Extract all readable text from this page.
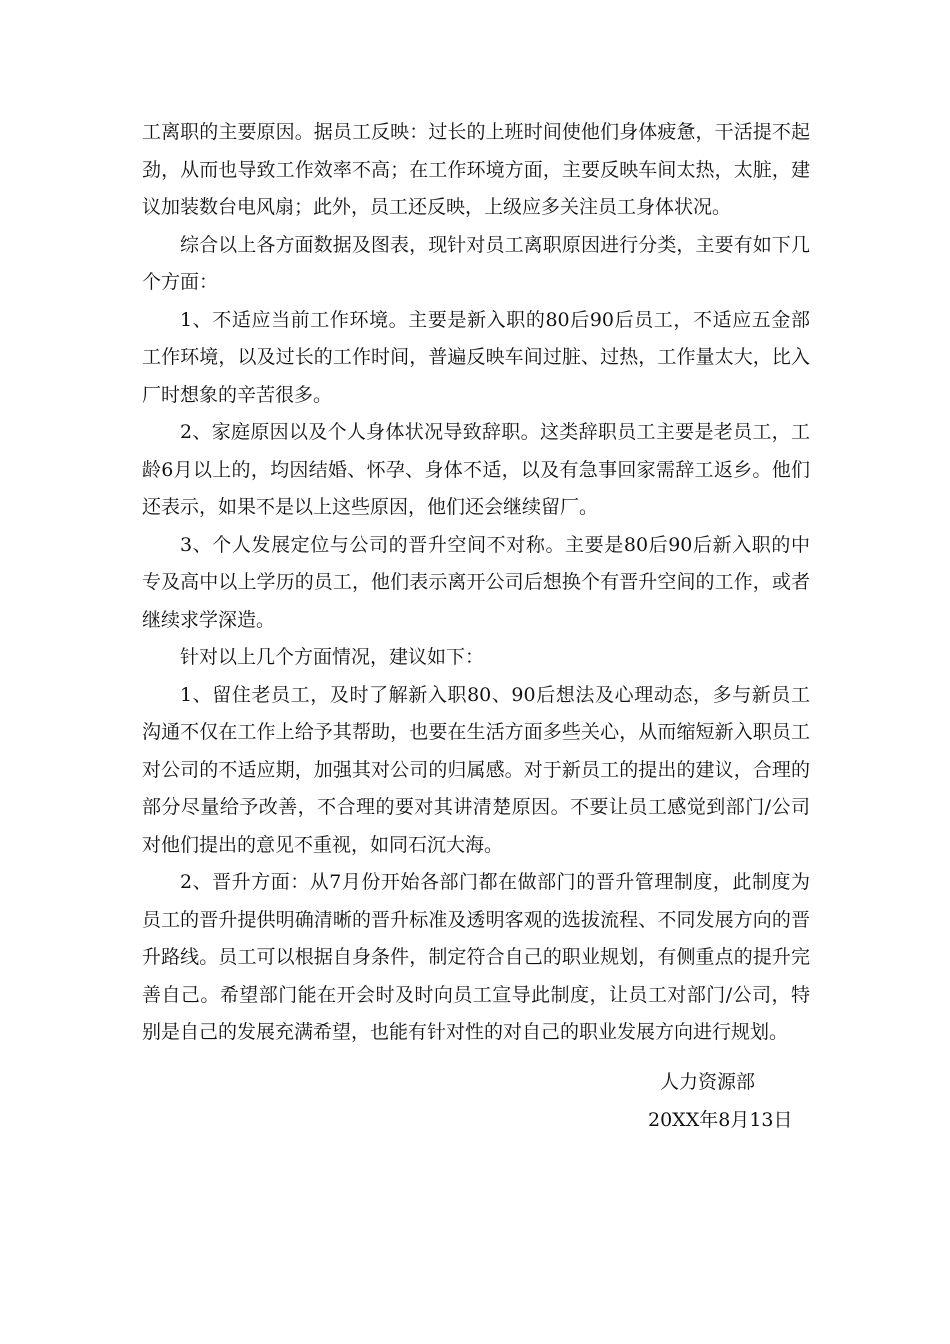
工离职的主要原因。据员工反映：过长的上班时间使他们身体疲惫，干活提不起劲，从而也导致工作效率不高；在工作环境方面，主要反映车间太热，太脏，建议加装数台电风扇；此外，员工还反映，上级应多关注员工身体状况。

综合以上各方面数据及图表，现针对员工离职原因进行分类，主要有如下几个方面：

1、不适应当前工作环境。主要是新入职的80后90后员工，不适应五金部工作环境，以及过长的工作时间，普遍反映车间过脏、过热，工作量太大，比入厂时想象的辛苦很多。

2、家庭原因以及个人身体状况导致辞职。这类辞职员工主要是老员工，工龄6月以上的，均因结婚、怀孕、身体不适，以及有急事回家需辞工返乡。他们还表示，如果不是以上这些原因，他们还会继续留厂。

3、个人发展定位与公司的晋升空间不对称。主要是80后90后新入职的中专及高中以上学历的员工，他们表示离开公司后想换个有晋升空间的工作，或者继续求学深造。

针对以上几个方面情况，建议如下：

1、留住老员工，及时了解新入职80、90后想法及心理动态，多与新员工沟通不仅在工作上给予其帮助，也要在生活方面多些关心，从而缩短新入职员工对公司的不适应期，加强其对公司的归属感。对于新员工的提出的建议，合理的部分尽量给予改善，不合理的要对其讲清楚原因。不要让员工感觉到部门/公司对他们提出的意见不重视，如同石沉大海。

2、晋升方面：从7月份开始各部门都在做部门的晋升管理制度，此制度为员工的晋升提供明确清晰的晋升标准及透明客观的选拔流程、不同发展方向的晋升路线。员工可以根据自身条件，制定符合自己的职业规划，有侧重点的提升完善自己。希望部门能在开会时及时向员工宣导此制度，让员工对部门/公司，特别是自己的发展充满希望，也能有针对性的对自己的职业发展方向进行规划。

人力资源部
20XX年8月13日
